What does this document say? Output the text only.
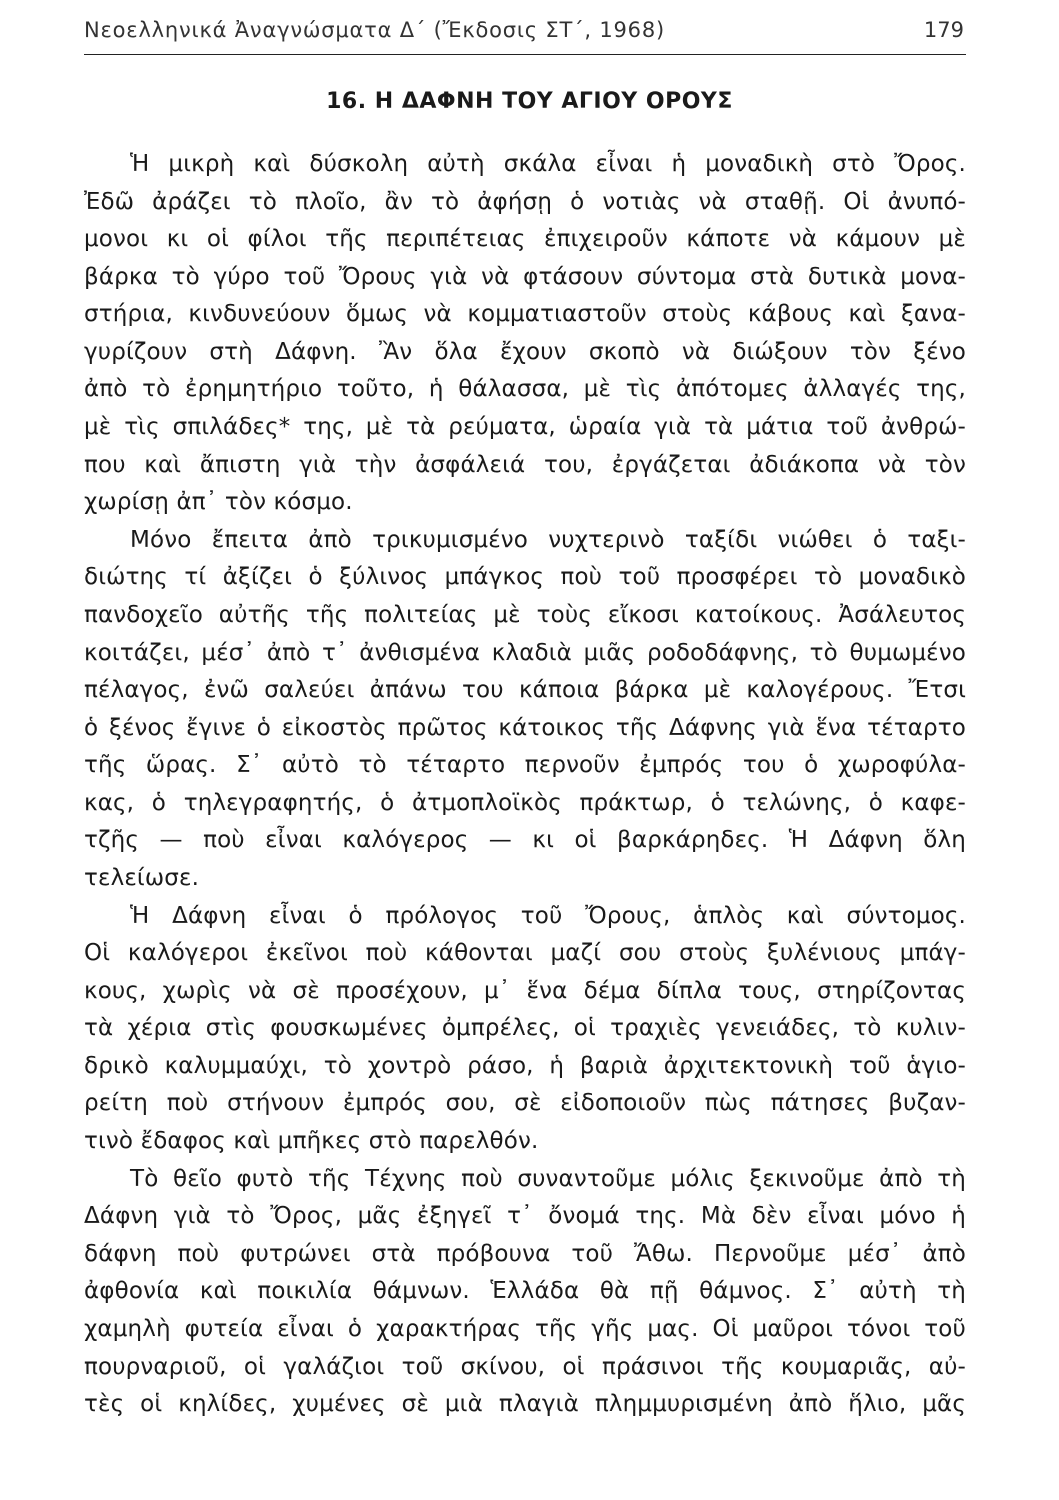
Νεοελληνικά Ἀναγνώσματα Δ΄ (Ἔκδοσις ΣΤ΄, 1968)	179
16. Η ΔΑΦΝΗ ΤΟΥ ΑΓΙΟΥ ΟΡΟΥΣ
Ἡ μικρὴ καὶ δύσκολη αὐτὴ σκάλα εἶναι ἡ μοναδικὴ στὸ Ὄρος.
Ἐδῶ ἀράζει τὸ πλοῖο, ἂν τὸ ἀφήσῃ ὁ νοτιὰς νὰ σταθῇ. Οἱ ἀνυπό-
μονοι κι οἱ φίλοι τῆς περιπέτειας ἐπιχειροῦν κάποτε νὰ κάμουν μὲ
βάρκα τὸ γύρο τοῦ Ὄρους γιὰ νὰ φτάσουν σύντομα στὰ δυτικὰ μονα-
στήρια, κινδυνεύουν ὅμως νὰ κομματιαστοῦν στοὺς κάβους καὶ ξανα-
γυρίζουν στὴ Δάφνη. Ἂν ὅλα ἔχουν σκοπὸ νὰ διώξουν τὸν ξένο
ἀπὸ τὸ ἐρημητήριο τοῦτο, ἡ θάλασσα, μὲ τὶς ἀπότομες ἀλλαγές της,
μὲ τὶς σπιλάδες* της, μὲ τὰ ρεύματα, ὡραία γιὰ τὰ μάτια τοῦ ἀνθρώ-
που καὶ ἄπιστη γιὰ τὴν ἀσφάλειά του, ἐργάζεται ἀδιάκοπα νὰ τὸν
χωρίσῃ ἀπ᾽ τὸν κόσμο.
Μόνο ἔπειτα ἀπὸ τρικυμισμένο νυχτερινὸ ταξίδι νιώθει ὁ ταξι-
διώτης τί ἀξίζει ὁ ξύλινος μπάγκος ποὺ τοῦ προσφέρει τὸ μοναδικὸ
πανδοχεῖο αὐτῆς τῆς πολιτείας μὲ τοὺς εἴκοσι κατοίκους. Ἀσάλευτος
κοιτάζει, μέσ᾽ ἀπὸ τ᾽ ἀνθισμένα κλαδιὰ μιᾶς ροδοδάφνης, τὸ θυμωμένο
πέλαγος, ἐνῶ σαλεύει ἀπάνω του κάποια βάρκα μὲ καλογέρους. Ἔτσι
ὁ ξένος ἔγινε ὁ εἰκοστὸς πρῶτος κάτοικος τῆς Δάφνης γιὰ ἕνα τέταρτο
τῆς ὥρας. Σ᾽ αὐτὸ τὸ τέταρτο περνοῦν ἐμπρός του ὁ χωροφύλα-
κας, ὁ τηλεγραφητής, ὁ ἀτμοπλοϊκὸς πράκτωρ, ὁ τελώνης, ὁ καφε-
τζῆς — ποὺ εἶναι καλόγερος — κι οἱ βαρκάρηδες. Ἡ Δάφνη ὅλη
τελείωσε.
Ἡ Δάφνη εἶναι ὁ πρόλογος τοῦ Ὄρους, ἁπλὸς καὶ σύντομος.
Οἱ καλόγεροι ἐκεῖνοι ποὺ κάθονται μαζί σου στοὺς ξυλένιους μπάγ-
κους, χωρὶς νὰ σὲ προσέχουν, μ᾽ ἕνα δέμα δίπλα τους, στηρίζοντας
τὰ χέρια στὶς φουσκωμένες ὀμπρέλες, οἱ τραχιὲς γενειάδες, τὸ κυλιν-
δρικὸ καλυμμαύχι, τὸ χοντρὸ ράσο, ἡ βαριὰ ἀρχιτεκτονικὴ τοῦ ἁγιο-
ρείτη ποὺ στήνουν ἐμπρός σου, σὲ εἰδοποιοῦν πὼς πάτησες βυζαν-
τινὸ ἔδαφος καὶ μπῆκες στὸ παρελθόν.
Τὸ θεῖο φυτὸ τῆς Τέχνης ποὺ συναντοῦμε μόλις ξεκινοῦμε ἀπὸ τὴ
Δάφνη γιὰ τὸ Ὄρος, μᾶς ἐξηγεῖ τ᾽ ὄνομά της. Μὰ δὲν εἶναι μόνο ἡ
δάφνη ποὺ φυτρώνει στὰ πρόβουνα τοῦ Ἄθω. Περνοῦμε μέσ᾽ ἀπὸ
ἀφθονία καὶ ποικιλία θάμνων. Ἑλλάδα θὰ πῇ θάμνος. Σ᾽ αὐτὴ τὴ
χαμηλὴ φυτεία εἶναι ὁ χαρακτήρας τῆς γῆς μας. Οἱ μαῦροι τόνοι τοῦ
πουρναριοῦ, οἱ γαλάζιοι τοῦ σκίνου, οἱ πράσινοι τῆς κουμαριᾶς, αὐ-
τὲς οἱ κηλίδες, χυμένες σὲ μιὰ πλαγιὰ πλημμυρισμένη ἀπὸ ἥλιο, μᾶς
